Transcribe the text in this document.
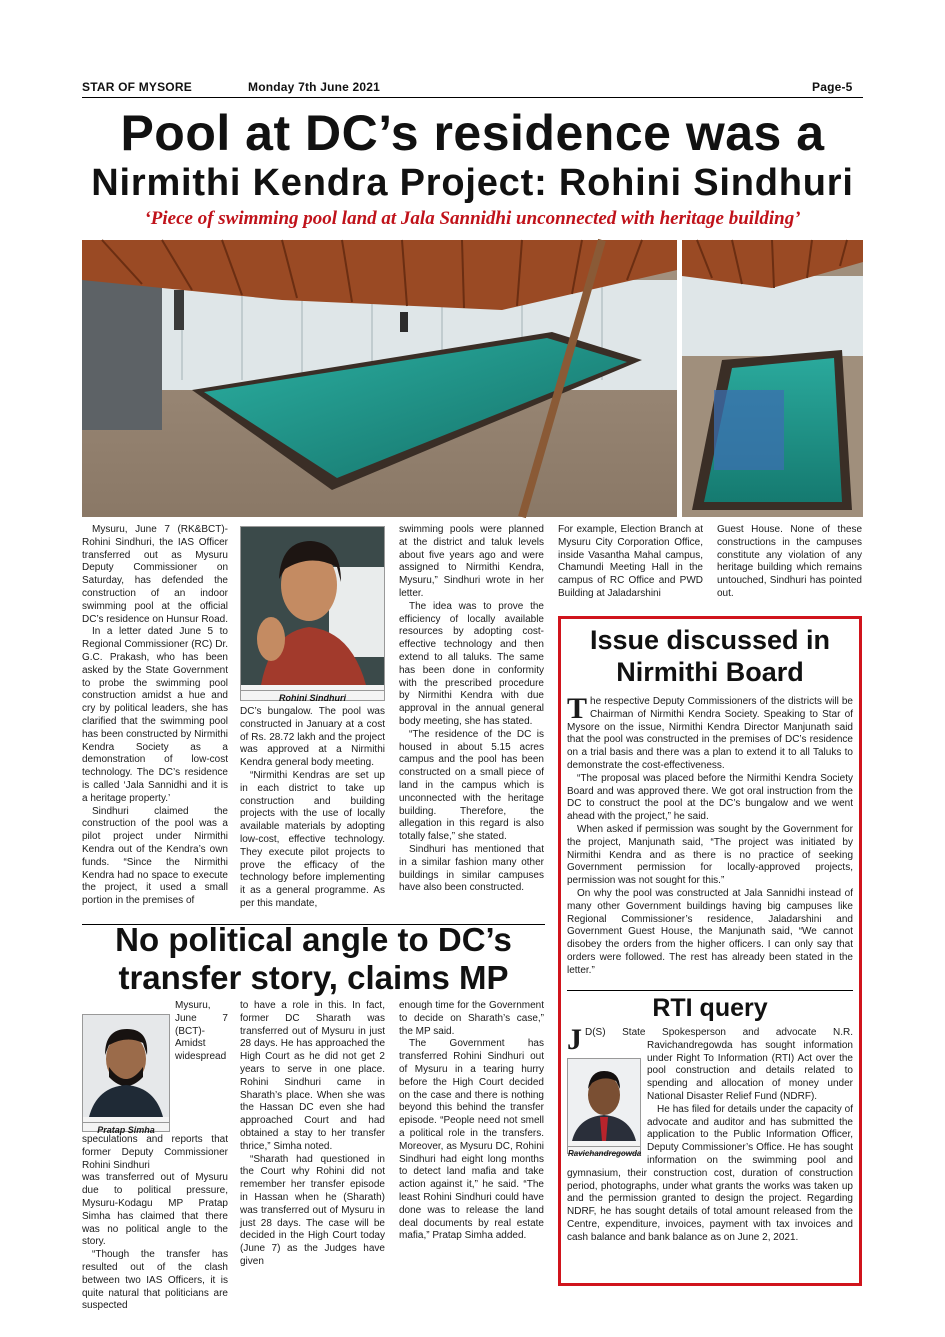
STAR OF MYSORE	Monday 7th June 2021	Page-5
Pool at DC’s residence was a
Nirmithi Kendra Project: Rohini Sindhuri
‘Piece of swimming pool land at Jala Sannidhi unconnected with heritage building’

Mysuru, June 7 (RK&BCT)- Rohini Sindhuri, the IAS Officer transferred out as Mysuru Deputy Commissioner on Saturday, has defended the construction of an indoor swimming pool at the official DC’s residence on Hunsur Road.

In a letter dated June 5 to Regional Commissioner (RC) Dr. G.C. Prakash, who has been asked by the State Government to probe the swimming pool construction amidst a hue and cry by political leaders, she has clarified that the swimming pool has been constructed by Nirmithi Kendra Society as a demonstration of low-cost technology. The DC’s residence is called ‘Jala Sannidhi and it is a heritage property.’

Sindhuri claimed the construction of the pool was a pilot project under Nirmithi Kendra out of the Kendra’s own funds. “Since the Nirmithi Kendra had no space to execute the project, it used a small portion in the premises of

Rohini Sindhuri

DC’s bungalow. The pool was constructed in January at a cost of Rs. 28.72 lakh and the project was approved at a Nirmithi Kendra general body meeting.

“Nirmithi Kendras are set up in each district to take up construction and building projects with the use of locally available materials by adopting low-cost, effective technology. They execute pilot projects to prove the efficacy of the technology before implementing it as a general programme. As per this mandate,

swimming pools were planned at the district and taluk levels about five years ago and were assigned to Nirmithi Kendra, Mysuru,” Sindhuri wrote in her letter.

The idea was to prove the efficiency of locally available resources by adopting cost-effective technology and then extend to all taluks. The same has been done in conformity with the prescribed procedure by Nirmithi Kendra with due approval in the annual general body meeting, she has stated.

“The residence of the DC is housed in about 5.15 acres campus and the pool has been constructed on a small piece of land in the campus which is unconnected with the heritage building. Therefore, the allegation in this regard is also totally false,” she stated.

Sindhuri has mentioned that in a similar fashion many other buildings in similar campuses have also been constructed.

For example, Election Branch at Mysuru City Corporation Office, inside Vasantha Mahal campus, Chamundi Meeting Hall in the campus of RC Office and PWD Building at Jaladarshini

Guest House. None of these constructions in the campuses constitute any violation of any heritage building which remains untouched, Sindhuri has pointed out.

No political angle to DC’s
transfer story, claims MP
Pratap Simha

Mysuru, June 7 (BCT)- Amidst widespread speculations and reports that former Deputy Commissioner Rohini Sindhuri

was transferred out of Mysuru due to political pressure, Mysuru-Kodagu MP Pratap Simha has claimed that there was no political angle to the story.

“Though the transfer has resulted out of the clash between two IAS Officers, it is quite natural that politicians are suspected

to have a role in this. In fact, former DC Sharath was transferred out of Mysuru in just 28 days. He has approached the High Court as he did not get 2 years to serve in one place. Rohini Sindhuri came in Sharath’s place. When she was the Hassan DC even she had approached Court and had obtained a stay to her transfer thrice,” Simha noted.

“Sharath had questioned in the Court why Rohini did not remember her transfer episode in Hassan when he (Sharath) was transferred out of Mysuru in just 28 days. The case will be decided in the High Court today (June 7) as the Judges have given

enough time for the Government to decide on Sharath’s case,” the MP said.

The Government has transferred Rohini Sindhuri out of Mysuru in a tearing hurry before the High Court decided on the case and there is nothing beyond this behind the transfer episode. “People need not smell a political role in the transfers. Moreover, as Mysuru DC, Rohini Sindhuri had eight long months to detect land mafia and take action against it,” he said. “The least Rohini Sindhuri could have done was to release the land deal documents by real estate mafia,” Pratap Simha added.

Issue discussed in
Nirmithi Board
T he respective Deputy Commissioners of the districts will be Chairman of Nirmithi Kendra Society. Speaking to Star of Mysore on the issue, Nirmithi Kendra Director Manjunath said that the pool was constructed in the premises of DC’s residence on a trial basis and there was a plan to extend it to all Taluks to demonstrate the cost-effectiveness.

“The proposal was placed before the Nirmithi Kendra Society Board and was approved there. We got oral instruction from the DC to construct the pool at the DC’s bungalow and we went ahead with the project,” he said.

When asked if permission was sought by the Government for the project, Manjunath said, “The project was initiated by Nirmithi Kendra and as there is no practice of seeking Government permission for locally-approved projects, permission was not sought for this.”

On why the pool was constructed at Jala Sannidhi instead of many other Government buildings having big campuses like Regional Commissioner’s residence, Jaladarshini and Government Guest House, the Manjunath said, “We cannot disobey the orders from the higher officers. I can only say that orders were followed. The rest has already been stated in the letter.”

RTI query
J
Ravichandregowda

D(S) State Spokesperson and advocate N.R. Ravichandregowda has sought information under Right To Information (RTI) Act over the pool construction and details related to spending and allocation of money under National Disaster Relief Fund (NDRF).

He has filed for details under the capacity of advocate and auditor and has submitted the application to the Public Information Officer, Deputy Commissioner’s Office. He has sought information on the swimming pool and gymnasium, their construction cost, duration of construction period, photographs, under what grants the works was taken up and the permission granted to design the project. Regarding NDRF, he has sought details of total amount released from the Centre, expenditure, invoices, payment with tax invoices and cash balance and bank balance as on June 2, 2021.
